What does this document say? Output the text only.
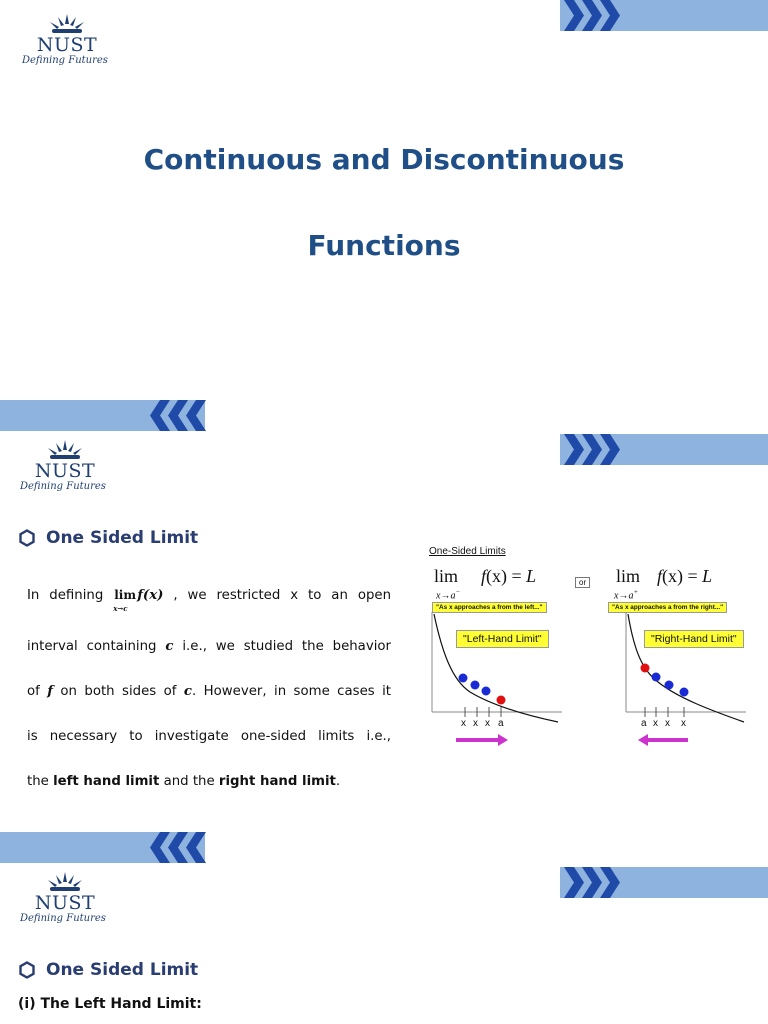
NUST
Defining Futures
Continuous and Discontinuous
Functions
NUST
Defining Futures
One Sided Limit
In defining lim
x→c
f(x) , we restricted x to an open
interval containing c i.e., we studied the behavior
of f on both sides of c. However, in some cases it
is necessary to investigate one-sided limits i.e.,
the left hand limit and the right hand limit.
One-Sided Limits
lim
x→a−
f(x) = L	or
"As x approaches a from the left..."
lim
x→a+
f(x) = L
"As x approaches a from the right..."
"Left-Hand Limit"	"Right-Hand Limit"
x x x a	a x x x
NUST
Defining Futures
One Sided Limit
(i) The Left Hand Limit:
